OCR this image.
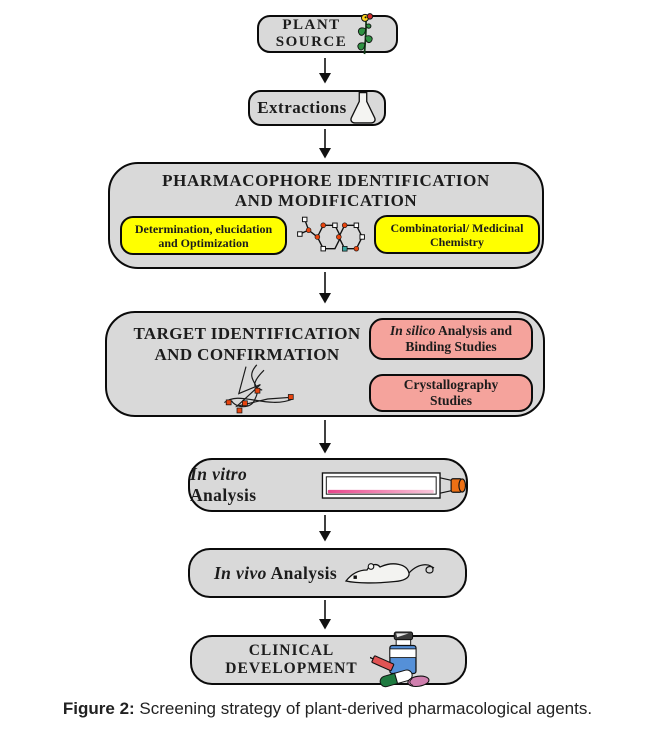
PLANT
SOURCE
Extractions
PHARMACOPHORE IDENTIFICATION
AND MODIFICATION
Determination, elucidation
and Optimization
Combinatorial/ Medicinal
Chemistry
TARGET IDENTIFICATION
AND CONFIRMATION
In silico Analysis and
Binding Studies
Crystallography
Studies
In vitro Analysis
In vivo Analysis
CLINICAL
DEVELOPMENT
Figure 2: Screening strategy of plant-derived pharmacological agents.
